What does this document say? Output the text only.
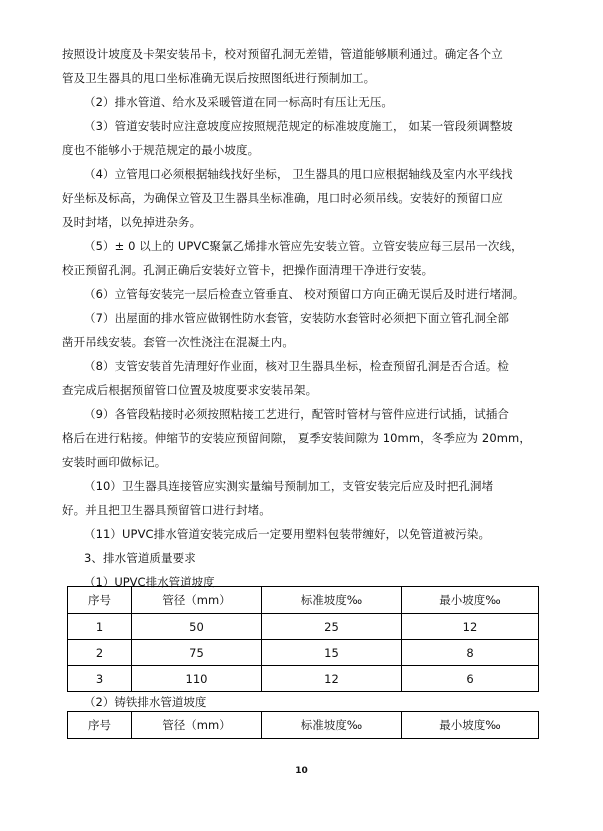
按照设计坡度及卡架安装吊卡，校对预留孔洞无差错，管道能够顺利通过。确定各个立
管及卫生器具的甩口坐标准确无误后按照图纸进行预制加工。
（2）排水管道、给水及采暖管道在同一标高时有压让无压。
（3）管道安装时应注意坡度应按照规范规定的标准坡度施工， 如某一管段须调整坡
度也不能够小于规范规定的最小坡度。
（4）立管甩口必须根据轴线找好坐标， 卫生器具的甩口应根据轴线及室内水平线找
好坐标及标高，为确保立管及卫生器具坐标准确，甩口时必须吊线。安装好的预留口应
及时封堵，以免掉进杂务。
（5）± 0 以上的 UPVC聚氯乙烯排水管应先安装立管。立管安装应每三层吊一次线，
校正预留孔洞。孔洞正确后安装好立管卡，把操作面清理干净进行安装。
（6）立管每安装完一层后检查立管垂直、 校对预留口方向正确无误后及时进行堵洞。
（7）出屋面的排水管应做钢性防水套管，安装防水套管时必须把下面立管孔洞全部
凿开吊线安装。套管一次性浇注在混凝土内。
（8）支管安装首先清理好作业面，核对卫生器具坐标，检查预留孔洞是否合适。检
查完成后根据预留管口位置及坡度要求安装吊架。
（9）各管段粘接时必须按照粘接工艺进行，配管时管材与管件应进行试插，试插合
格后在进行粘接。伸缩节的安装应预留间隙， 夏季安装间隙为 10mm，冬季应为 20mm，
安装时画印做标记。
（10）卫生器具连接管应实测实量编号预制加工，支管安装完后应及时把孔洞堵
好。并且把卫生器具预留管口进行封堵。
（11）UPVC排水管道安装完成后一定要用塑料包装带缠好，以免管道被污染。
3、排水管道质量要求
（1）UPVC排水管道坡度
序号	管径（mm）	标准坡度‰	最小坡度‰
1	50	25	12
2	75	15	8
3	110	12	6
（2）铸铁排水管道坡度
序号	管径（mm）	标准坡度‰	最小坡度‰
10
